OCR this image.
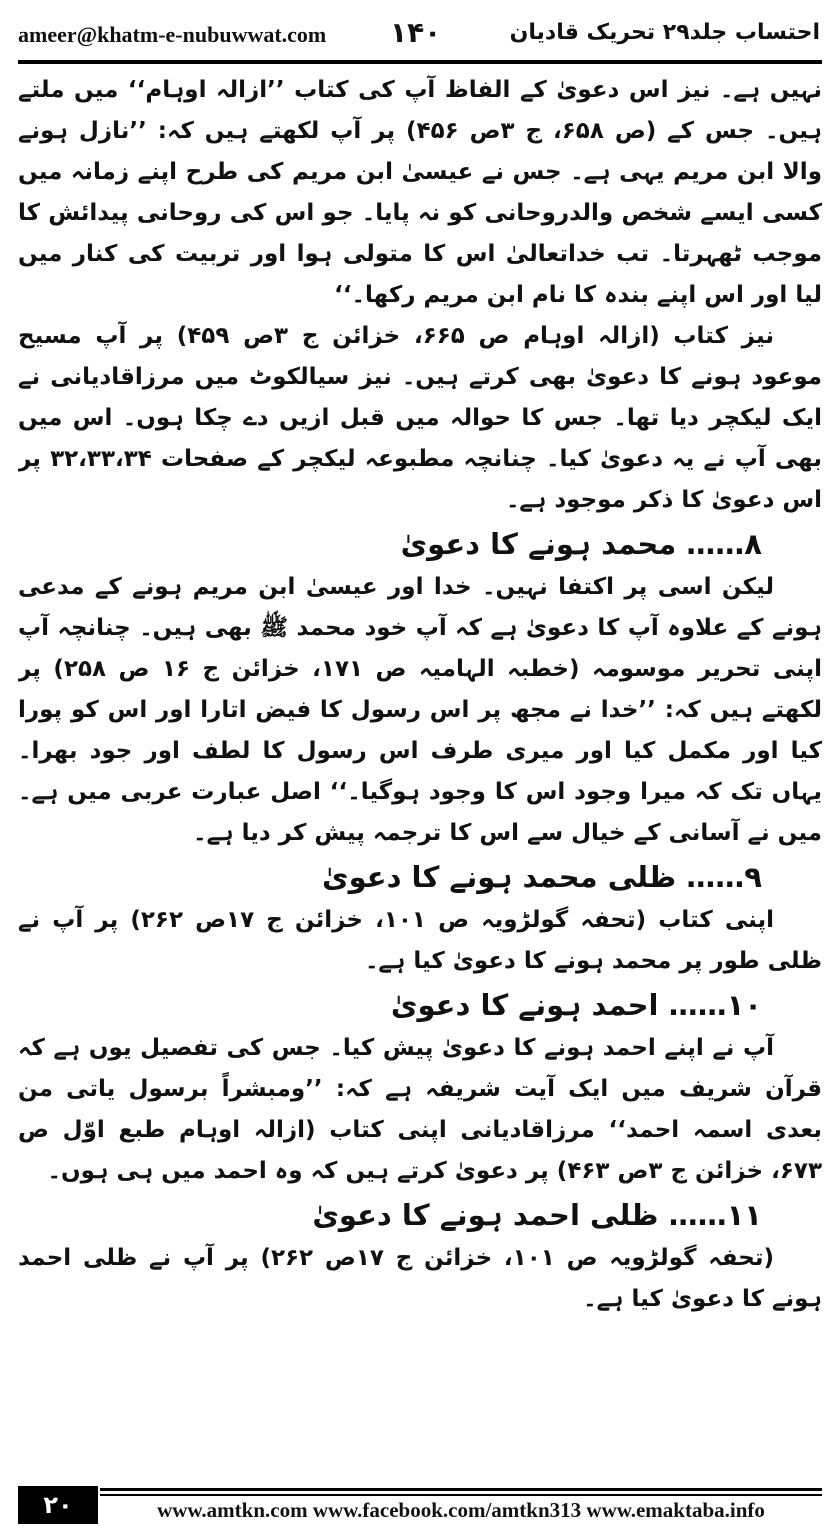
ameer@khatm-e-nubuwwat.com ۱۴۰	احتساب جلد۲۹ تحریک قادیان

نہیں ہے۔ نیز اس دعویٰ کے الفاظ آپ کی کتاب ’’ازالہ اوہام‘‘ میں ملتے ہیں۔ جس کے (ص ۶۵۸، ج ۳ص ۴۵۶) پر آپ لکھتے ہیں کہ: ’’نازل ہونے والا ابن مریم یہی ہے۔ جس نے عیسیٰ ابن مریم کی طرح اپنے زمانہ میں کسی ایسے شخص والدروحانی کو نہ پایا۔ جو اس کی روحانی پیدائش کا موجب ٹھہرتا۔ تب خداتعالیٰ اس کا متولی ہوا اور تربیت کی کنار میں لیا اور اس اپنے بندہ کا نام ابن مریم رکھا۔‘‘

نیز کتاب (ازالہ اوہام ص ۶۶۵، خزائن ج ۳ص ۴۵۹) پر آپ مسیح موعود ہونے کا دعویٰ بھی کرتے ہیں۔ نیز سیالکوٹ میں مرزاقادیانی نے ایک لیکچر دیا تھا۔ جس کا حوالہ میں قبل ازیں دے چکا ہوں۔ اس میں بھی آپ نے یہ دعویٰ کیا۔ چنانچہ مطبوعہ لیکچر کے صفحات ۳۲،۳۳،۳۴ پر اس دعویٰ کا ذکر موجود ہے۔

۸…… محمد ہونے کا دعویٰ

لیکن اسی پر اکتفا نہیں۔ خدا اور عیسیٰ ابن مریم ہونے کے مدعی ہونے کے علاوہ آپ کا دعویٰ ہے کہ آپ خود محمد ﷺ بھی ہیں۔ چنانچہ آپ اپنی تحریر موسومہ (خطبہ الہامیہ ص ۱۷۱، خزائن ج ۱۶ ص ۲۵۸) پر لکھتے ہیں کہ: ’’خدا نے مجھ پر اس رسول کا فیض اتارا اور اس کو پورا کیا اور مکمل کیا اور میری طرف اس رسول کا لطف اور جود بھرا۔ یہاں تک کہ میرا وجود اس کا وجود ہوگیا۔‘‘ اصل عبارت عربی میں ہے۔ میں نے آسانی کے خیال سے اس کا ترجمہ پیش کر دیا ہے۔

۹…… ظلی محمد ہونے کا دعویٰ

اپنی کتاب (تحفہ گولڑویہ ص ۱۰۱، خزائن ج ۱۷ص ۲۶۲) پر آپ نے ظلی طور پر محمد ہونے کا دعویٰ کیا ہے۔

۱۰…… احمد ہونے کا دعویٰ

آپ نے اپنے احمد ہونے کا دعویٰ پیش کیا۔ جس کی تفصیل یوں ہے کہ قرآن شریف میں ایک آیت شریفہ ہے کہ: ’’ومبشراً برسول یاتی من بعدی اسمہ احمد‘‘ مرزاقادیانی اپنی کتاب (ازالہ اوہام طبع اوّل ص ۶۷۳، خزائن ج ۳ص ۴۶۳) پر دعویٰ کرتے ہیں کہ وہ احمد میں ہی ہوں۔

۱۱…… ظلی احمد ہونے کا دعویٰ

(تحفہ گولڑویہ ص ۱۰۱، خزائن ج ۱۷ص ۲۶۲) پر آپ نے ظلی احمد ہونے کا دعویٰ کیا ہے۔

۲۰	www.amtkn.com www.facebook.com/amtkn313 www.emaktaba.info
